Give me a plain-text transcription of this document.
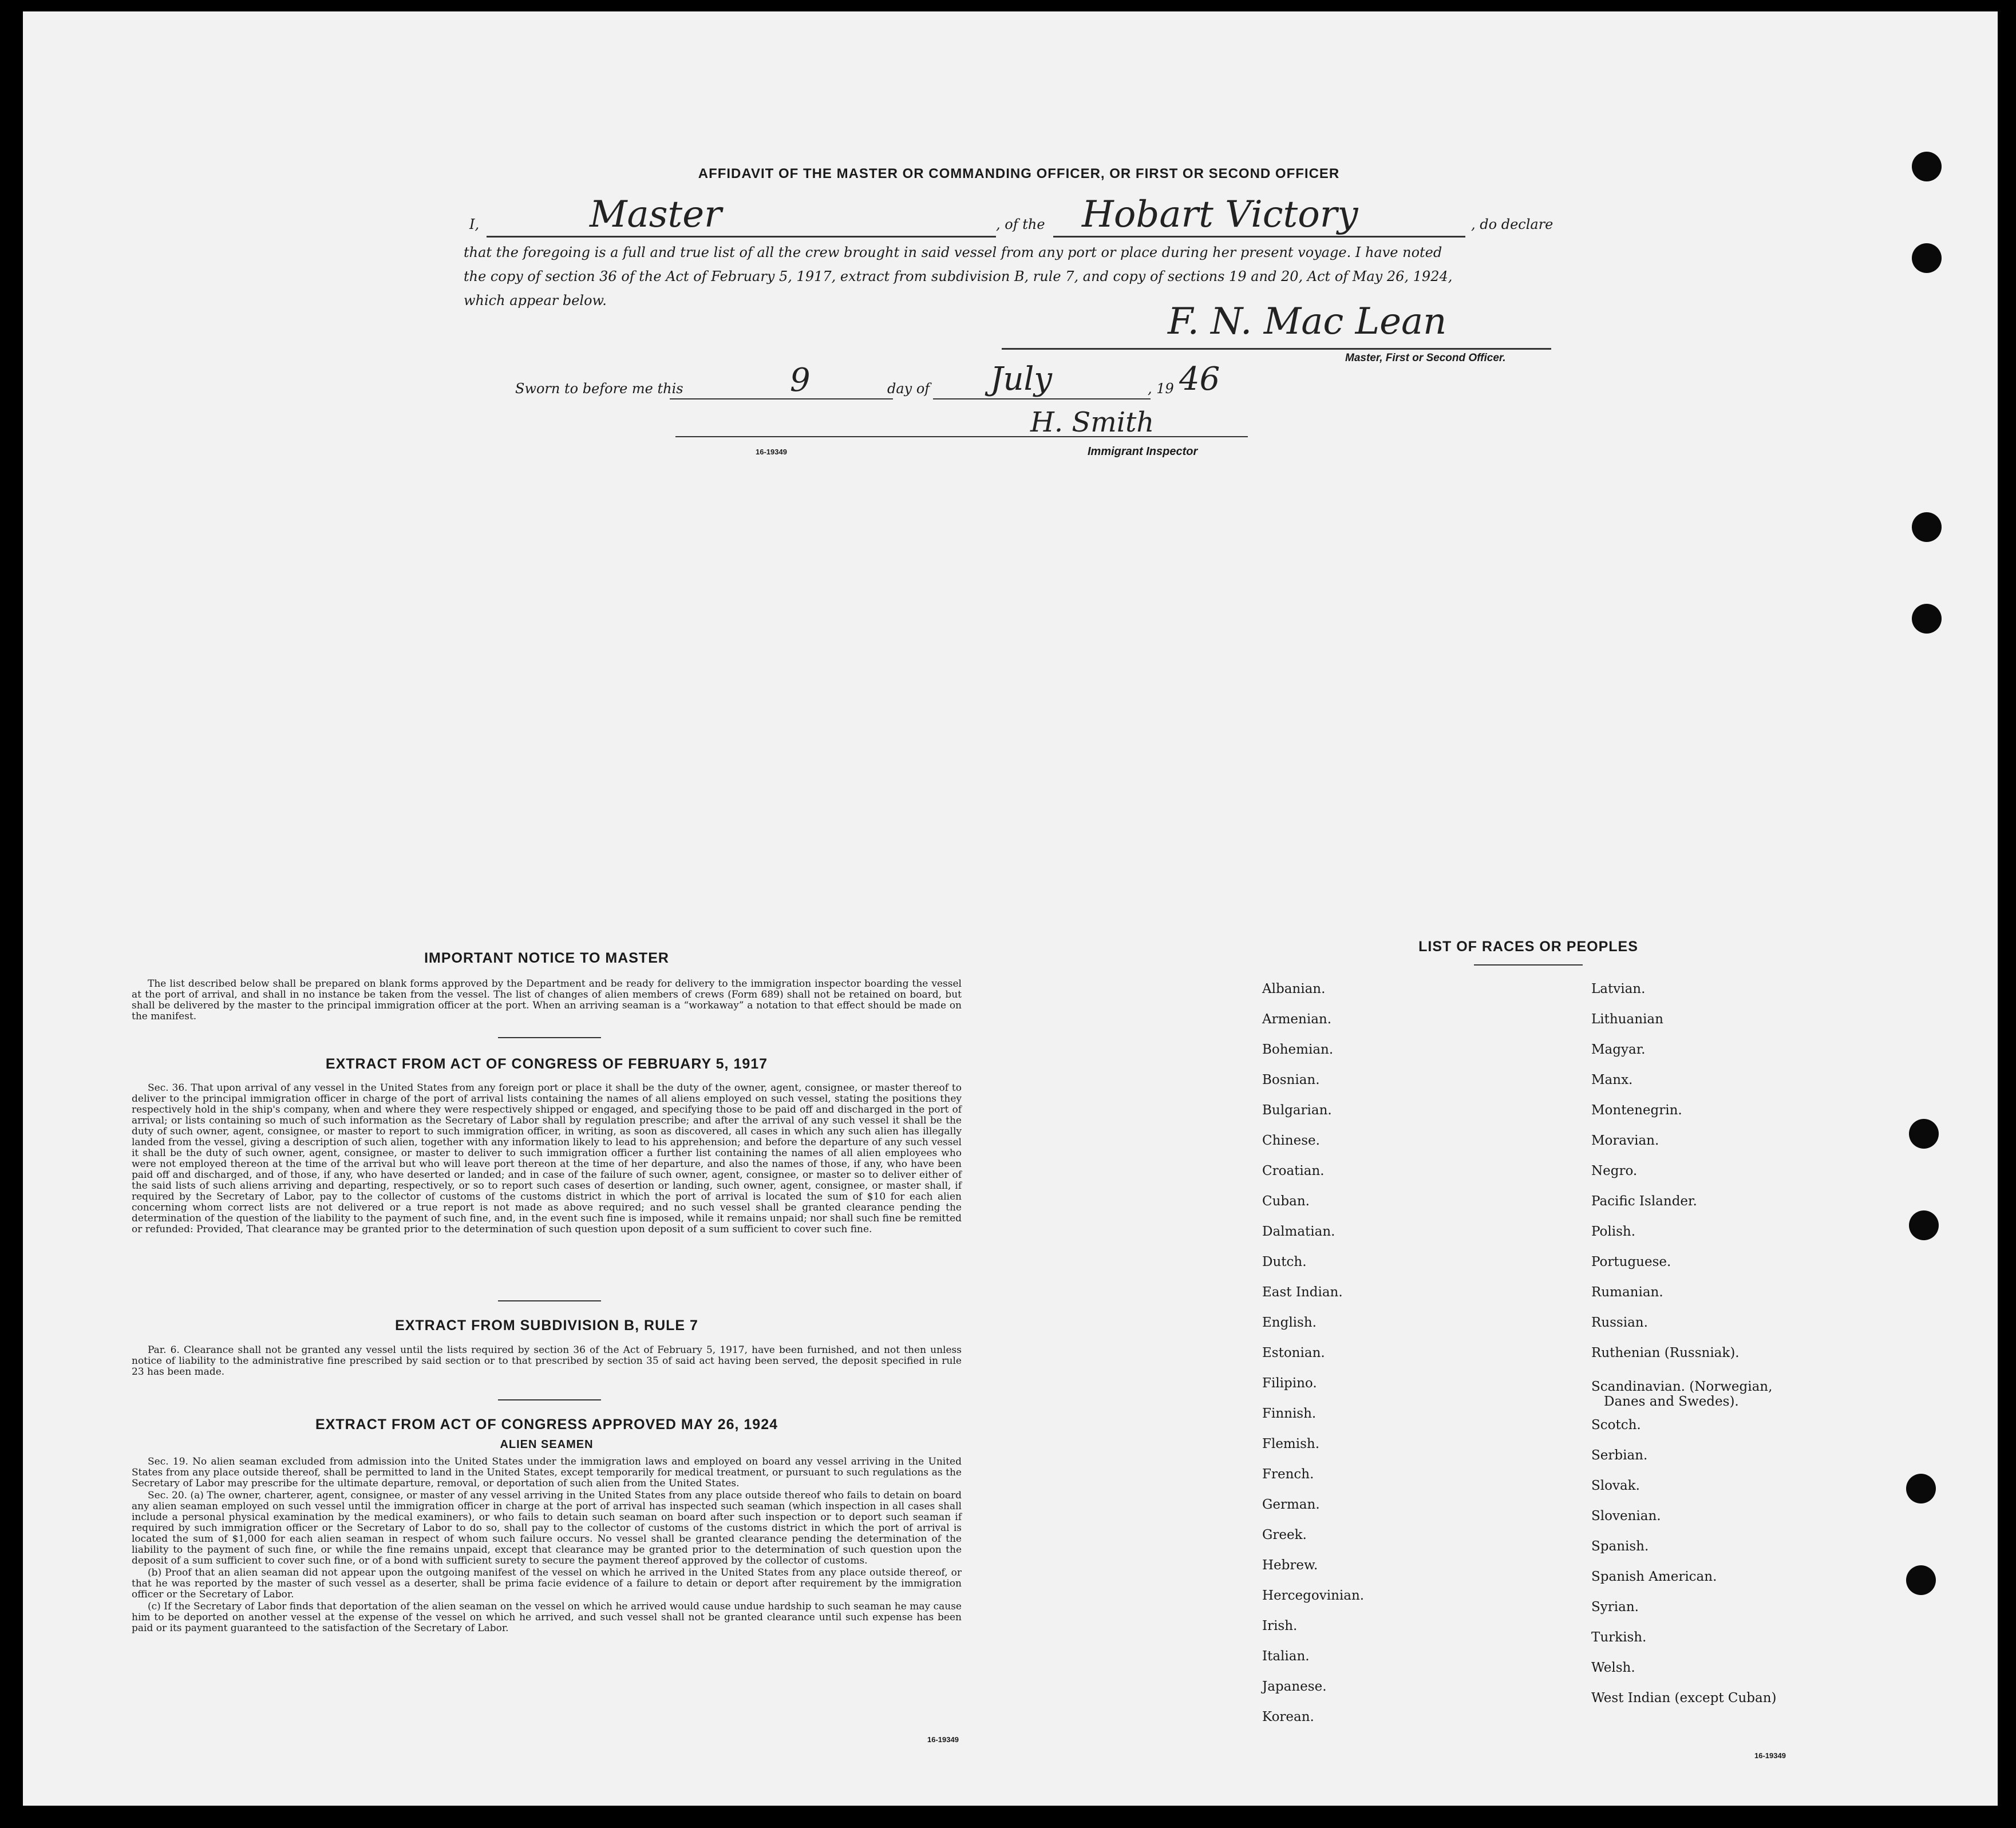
AFFIDAVIT OF THE MASTER OR COMMANDING OFFICER, OR FIRST OR SECOND OFFICER
I,	Master	, of the Hobart Victory	, do declare
that the foregoing is a full and true list of all the crew brought in said vessel from any port or place during her present voyage. I have noted
the copy of section 36 of the Act of February 5, 1917, extract from subdivision B, rule 7, and copy of sections 19 and 20, Act of May 26, 1924,
which appear below.	F. N. Mac Lean
Master, First or Second Officer.
Sworn to before me this	9	day of July	, 19 46
H. Smith
16-19349	Immigrant Inspector
IMPORTANT NOTICE TO MASTER

The list described below shall be prepared on blank forms approved by the Department and be ready for delivery to the immigration inspector boarding the vessel at the port of arrival, and shall in no instance be taken from the vessel. The list of changes of alien members of crews (Form 689) shall not be retained on board, but shall be delivered by the master to the principal immigration officer at the port. When an arriving seaman is a “workaway” a notation to that effect should be made on the manifest.

EXTRACT FROM ACT OF CONGRESS OF FEBRUARY 5, 1917

Sec. 36. That upon arrival of any vessel in the United States from any foreign port or place it shall be the duty of the owner, agent, consignee, or master thereof to deliver to the principal immigration officer in charge of the port of arrival lists containing the names of all aliens employed on such vessel, stating the positions they respectively hold in the ship's company, when and where they were respectively shipped or engaged, and specifying those to be paid off and discharged in the port of arrival; or lists containing so much of such information as the Secretary of Labor shall by regulation prescribe; and after the arrival of any such vessel it shall be the duty of such owner, agent, consignee, or master to report to such immigration officer, in writing, as soon as discovered, all cases in which any such alien has illegally landed from the vessel, giving a description of such alien, together with any information likely to lead to his apprehension; and before the departure of any such vessel it shall be the duty of such owner, agent, consignee, or master to deliver to such immigration officer a further list containing the names of all alien employees who were not employed thereon at the time of the arrival but who will leave port thereon at the time of her departure, and also the names of those, if any, who have been paid off and discharged, and of those, if any, who have deserted or landed; and in case of the failure of such owner, agent, consignee, or master so to deliver either of the said lists of such aliens arriving and departing, respectively, or so to report such cases of desertion or landing, such owner, agent, consignee, or master shall, if required by the Secretary of Labor, pay to the collector of customs of the customs district in which the port of arrival is located the sum of $10 for each alien concerning whom correct lists are not delivered or a true report is not made as above required; and no such vessel shall be granted clearance pending the determination of the question of the liability to the payment of such fine, and, in the event such fine is imposed, while it remains unpaid; nor shall such fine be remitted or refunded: Provided, That clearance may be granted prior to the determination of such question upon deposit of a sum sufficient to cover such fine.

EXTRACT FROM SUBDIVISION B, RULE 7

Par. 6. Clearance shall not be granted any vessel until the lists required by section 36 of the Act of February 5, 1917, have been furnished, and not then unless notice of liability to the administrative fine prescribed by said section or to that prescribed by section 35 of said act having been served, the deposit specified in rule 23 has been made.

EXTRACT FROM ACT OF CONGRESS APPROVED MAY 26, 1924
ALIEN SEAMEN

Sec. 19. No alien seaman excluded from admission into the United States under the immigration laws and employed on board any vessel arriving in the United States from any place outside thereof, shall be permitted to land in the United States, except temporarily for medical treatment, or pursuant to such regulations as the Secretary of Labor may prescribe for the ultimate departure, removal, or deportation of such alien from the United States.

Sec. 20. (a) The owner, charterer, agent, consignee, or master of any vessel arriving in the United States from any place outside thereof who fails to detain on board any alien seaman employed on such vessel until the immigration officer in charge at the port of arrival has inspected such seaman (which inspection in all cases shall include a personal physical examination by the medical examiners), or who fails to detain such seaman on board after such inspection or to deport such seaman if required by such immigration officer or the Secretary of Labor to do so, shall pay to the collector of customs of the customs district in which the port of arrival is located the sum of $1,000 for each alien seaman in respect of whom such failure occurs. No vessel shall be granted clearance pending the determination of the liability to the payment of such fine, or while the fine remains unpaid, except that clearance may be granted prior to the determination of such question upon the deposit of a sum sufficient to cover such fine, or of a bond with sufficient surety to secure the payment thereof approved by the collector of customs.

(b) Proof that an alien seaman did not appear upon the outgoing manifest of the vessel on which he arrived in the United States from any place outside thereof, or that he was reported by the master of such vessel as a deserter, shall be prima facie evidence of a failure to detain or deport after requirement by the immigration officer or the Secretary of Labor.

(c) If the Secretary of Labor finds that deportation of the alien seaman on the vessel on which he arrived would cause undue hardship to such seaman he may cause him to be deported on another vessel at the expense of the vessel on which he arrived, and such vessel shall not be granted clearance until such expense has been paid or its payment guaranteed to the satisfaction of the Secretary of Labor.

16-19349
LIST OF RACES OR PEOPLES
Albanian.
Armenian.
Bohemian.
Bosnian.
Bulgarian.
Chinese.
Croatian.
Cuban.
Dalmatian.
Dutch.
East Indian.
English.
Estonian.
Filipino.
Finnish.
Flemish.
French.
German.
Greek.
Hebrew.
Hercegovinian.
Irish.
Italian.
Japanese.
Korean.
Latvian.
Lithuanian
Magyar.
Manx.
Montenegrin.
Moravian.
Negro.
Pacific Islander.
Polish.
Portuguese.
Rumanian.
Russian.
Ruthenian (Russniak).
Scandinavian. (Norwegian,
Danes and Swedes).
Scotch.
Serbian.
Slovak.
Slovenian.
Spanish.
Spanish American.
Syrian.
Turkish.
Welsh.
West Indian (except Cuban)
16-19349
